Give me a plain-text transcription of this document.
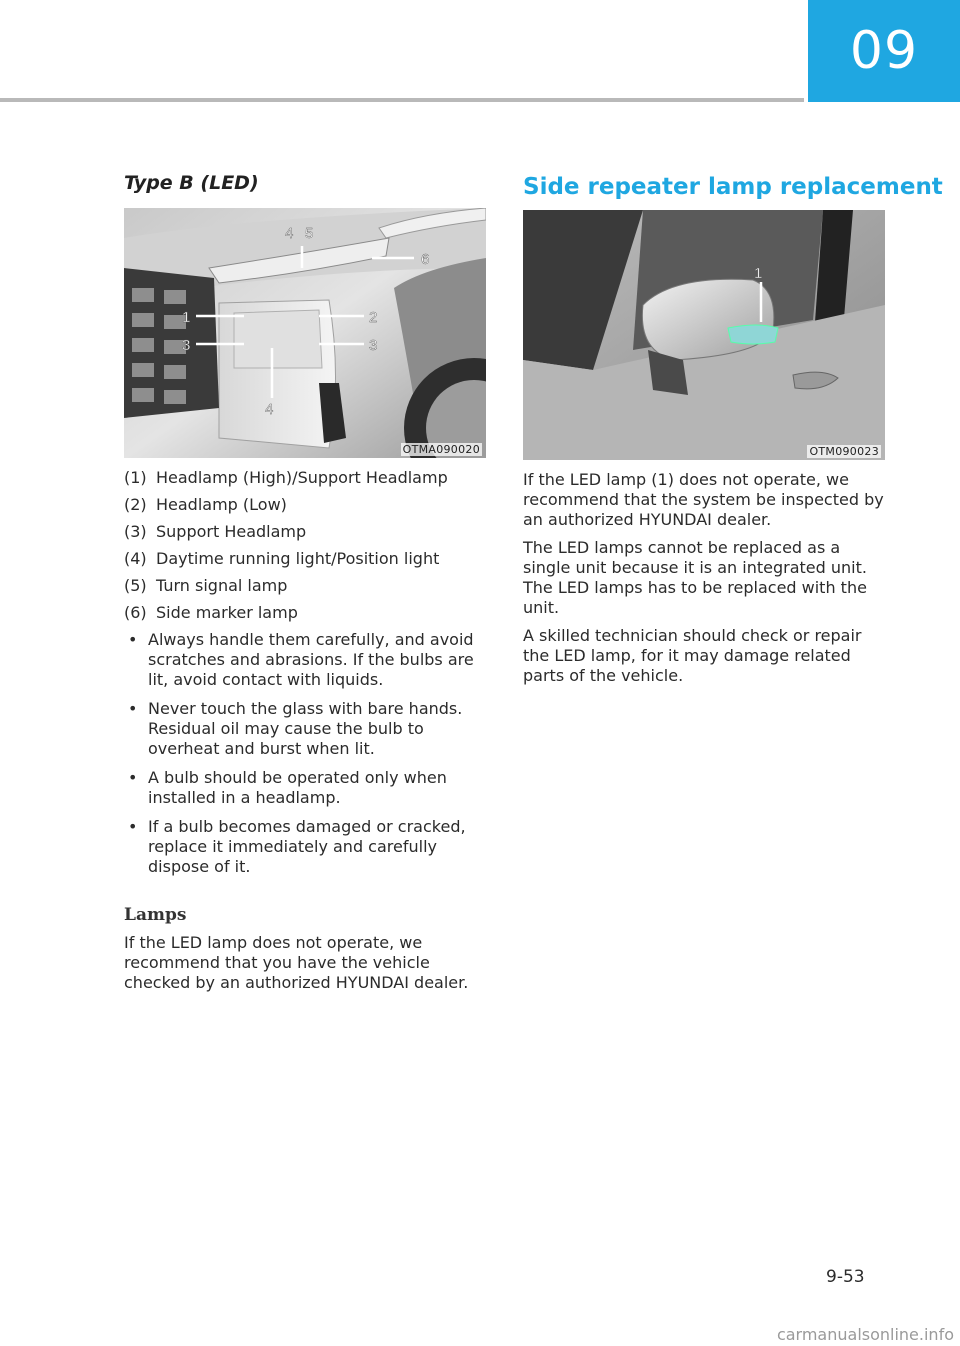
09
Type B (LED)
4 5
6
1	2
3	3
4
OTMA090020
(1) Headlamp (High)/Support Headlamp
(2) Headlamp (Low)
(3) Support Headlamp
(4) Daytime running light/Position light
(5) Turn signal lamp
(6) Side marker lamp
• Always handle them carefully, and avoid scratches and abrasions. If the bulbs are lit, avoid contact with liquids.
• Never touch the glass with bare hands. Residual oil may cause the bulb to overheat and burst when lit.
• A bulb should be operated only when installed in a headlamp.
• If a bulb becomes damaged or cracked, replace it immediately and carefully dispose of it.
Lamps

If the LED lamp does not operate, we recommend that you have the vehicle checked by an authorized HYUNDAI dealer.

Side repeater lamp replacement
1
OTM090023

If the LED lamp (1) does not operate, we recommend that the system be inspected by an authorized HYUNDAI dealer.

The LED lamps cannot be replaced as a single unit because it is an integrated unit. The LED lamps has to be replaced with the unit.

A skilled technician should check or repair the LED lamp, for it may damage related parts of the vehicle.

9-53
carmanualsonline.info
